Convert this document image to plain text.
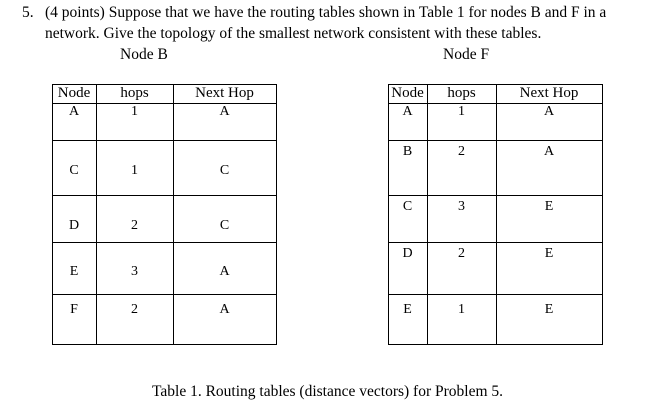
5. (4 points) Suppose that we have the routing tables shown in Table 1 for nodes B and F in a
network. Give the topology of the smallest network consistent with these tables.
Node B	Node F
Node hops	Next Hop
A	1	A
C	1	C
D	2	C
E	3	A
F	2	A
Node hops	Next Hop
A	1	A
B	2	A
C	3	E
D	2	E
E	1	E
Table 1. Routing tables (distance vectors) for Problem 5.
